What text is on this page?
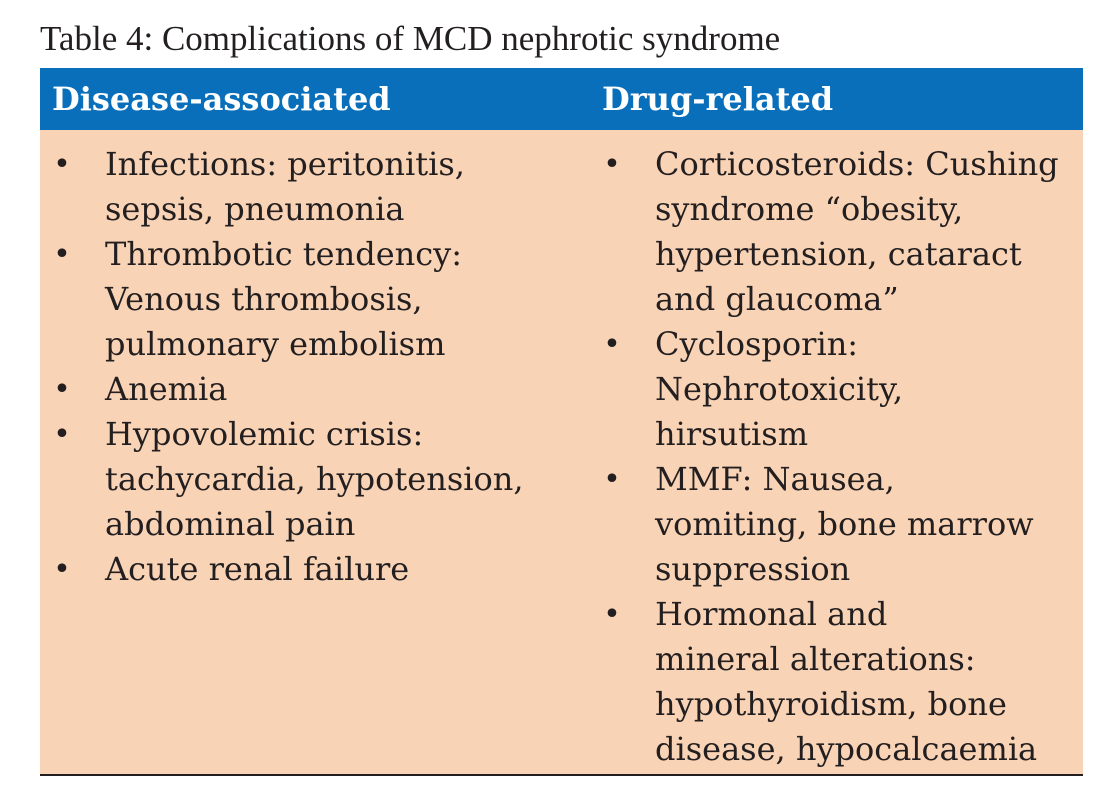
Table 4: Complications of MCD nephrotic syndrome
Disease-associated	Drug-related
• Infections: peritonitis,
sepsis, pneumonia
• Thrombotic tendency:
Venous thrombosis,
pulmonary embolism
• Anemia
• Hypovolemic crisis:
tachycardia, hypotension,
abdominal pain
• Acute renal failure
• Corticosteroids: Cushing
syndrome “obesity,
hypertension, cataract
and glaucoma”
• Cyclosporin:
Nephrotoxicity,
hirsutism
• MMF: Nausea,
vomiting, bone marrow
suppression
• Hormonal and
mineral alterations:
hypothyroidism, bone
disease, hypocalcaemia
